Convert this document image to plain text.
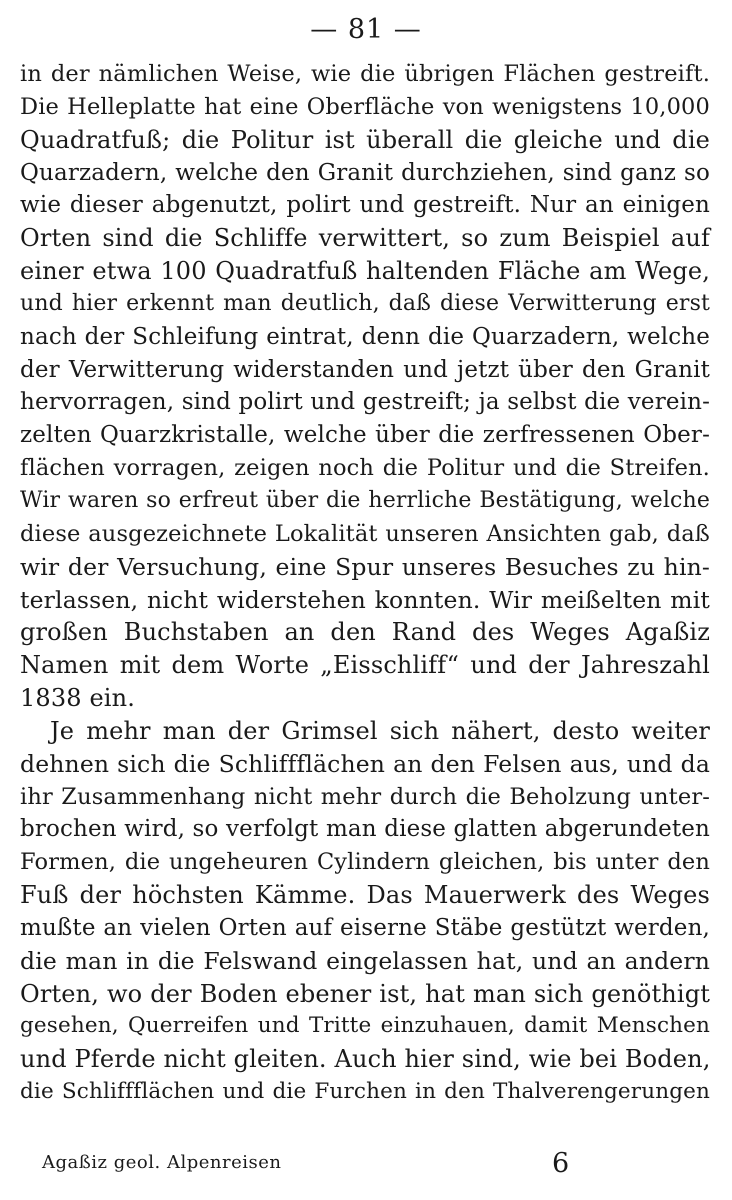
— 81 —
in der nämlichen Weise, wie die übrigen Flächen gestreift.
Die Helleplatte hat eine Oberfläche von wenigstens 10,000
Quadratfuß; die Politur ist überall die gleiche und die
Quarzadern, welche den Granit durchziehen, sind ganz so
wie dieser abgenutzt, polirt und gestreift. Nur an einigen
Orten sind die Schliffe verwittert, so zum Beispiel auf
einer etwa 100 Quadratfuß haltenden Fläche am Wege,
und hier erkennt man deutlich, daß diese Verwitterung erst
nach der Schleifung eintrat, denn die Quarzadern, welche
der Verwitterung widerstanden und jetzt über den Granit
hervorragen, sind polirt und gestreift; ja selbst die verein-
zelten Quarzkristalle, welche über die zerfressenen Ober-
flächen vorragen, zeigen noch die Politur und die Streifen.
Wir waren so erfreut über die herrliche Bestätigung, welche
diese ausgezeichnete Lokalität unseren Ansichten gab, daß
wir der Versuchung, eine Spur unseres Besuches zu hin-
terlassen, nicht widerstehen konnten. Wir meißelten mit
großen Buchstaben an den Rand des Weges Agaßiz
Namen mit dem Worte „Eisschliff“ und der Jahreszahl
1838 ein.
Je mehr man der Grimsel sich nähert, desto weiter
dehnen sich die Schliffflächen an den Felsen aus, und da
ihr Zusammenhang nicht mehr durch die Beholzung unter-
brochen wird, so verfolgt man diese glatten abgerundeten
Formen, die ungeheuren Cylindern gleichen, bis unter den
Fuß der höchsten Kämme. Das Mauerwerk des Weges
mußte an vielen Orten auf eiserne Stäbe gestützt werden,
die man in die Felswand eingelassen hat, und an andern
Orten, wo der Boden ebener ist, hat man sich genöthigt
gesehen, Querreifen und Tritte einzuhauen, damit Menschen
und Pferde nicht gleiten. Auch hier sind, wie bei Boden,
die Schliffflächen und die Furchen in den Thalverengerungen
Agaßiz geol. Alpenreisen	6
